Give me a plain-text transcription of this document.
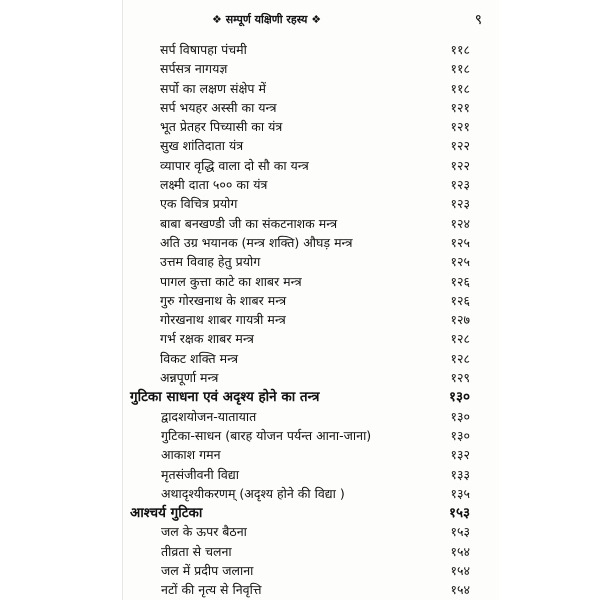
❖ सम्पूर्ण यक्षिणी रहस्य ❖	९
सर्प विषापहा पंचमी	११८
सर्पसत्र नागयज्ञ	११८
सर्पो का लक्षण संक्षेप में	११८
सर्प भयहर अस्सी का यन्त्र	१२१
भूत प्रेतहर पिच्यासी का यंत्र	१२१
सुख शांतिदाता यंत्र	१२२
व्यापार वृद्धि वाला दो सौ का यन्त्र	१२२
लक्ष्मी दाता ५०० का यंत्र	१२३
एक विचित्र प्रयोग	१२३
बाबा बनखण्डी जी का संकटनाशक मन्त्र	१२४
अति उग्र भयानक (मन्त्र शक्ति) औघड़ मन्त्र	१२५
उत्तम विवाह हेतु प्रयोग	१२५
पागल कुत्ता काटे का शाबर मन्त्र	१२६
गुरु गोरखनाथ के शाबर मन्त्र	१२६
गोरखनाथ शाबर गायत्री मन्त्र	१२७
गर्भ रक्षक शाबर मन्त्र	१२८
विकट शक्ति मन्त्र	१२८
अन्नपूर्णा मन्त्र	१२९
गुटिका साधना एवं अदृश्य होने का तन्त्र	१३०
द्वादशयोजन-यातायात	१३०
गुटिका-साधन (बारह योजन पर्यन्त आना-जाना)	१३०
आकाश गमन	१३२
मृतसंजीवनी विद्या	१३३
अथादृश्यीकरणम् (अदृश्य होने की विद्या )	१३५
आश्चर्य गुटिका	१५३
जल के ऊपर बैठना	१५३
तीव्रता से चलना	१५४
जल में प्रदीप जलाना	१५४
नटों की नृत्य से निवृत्ति	१५४
